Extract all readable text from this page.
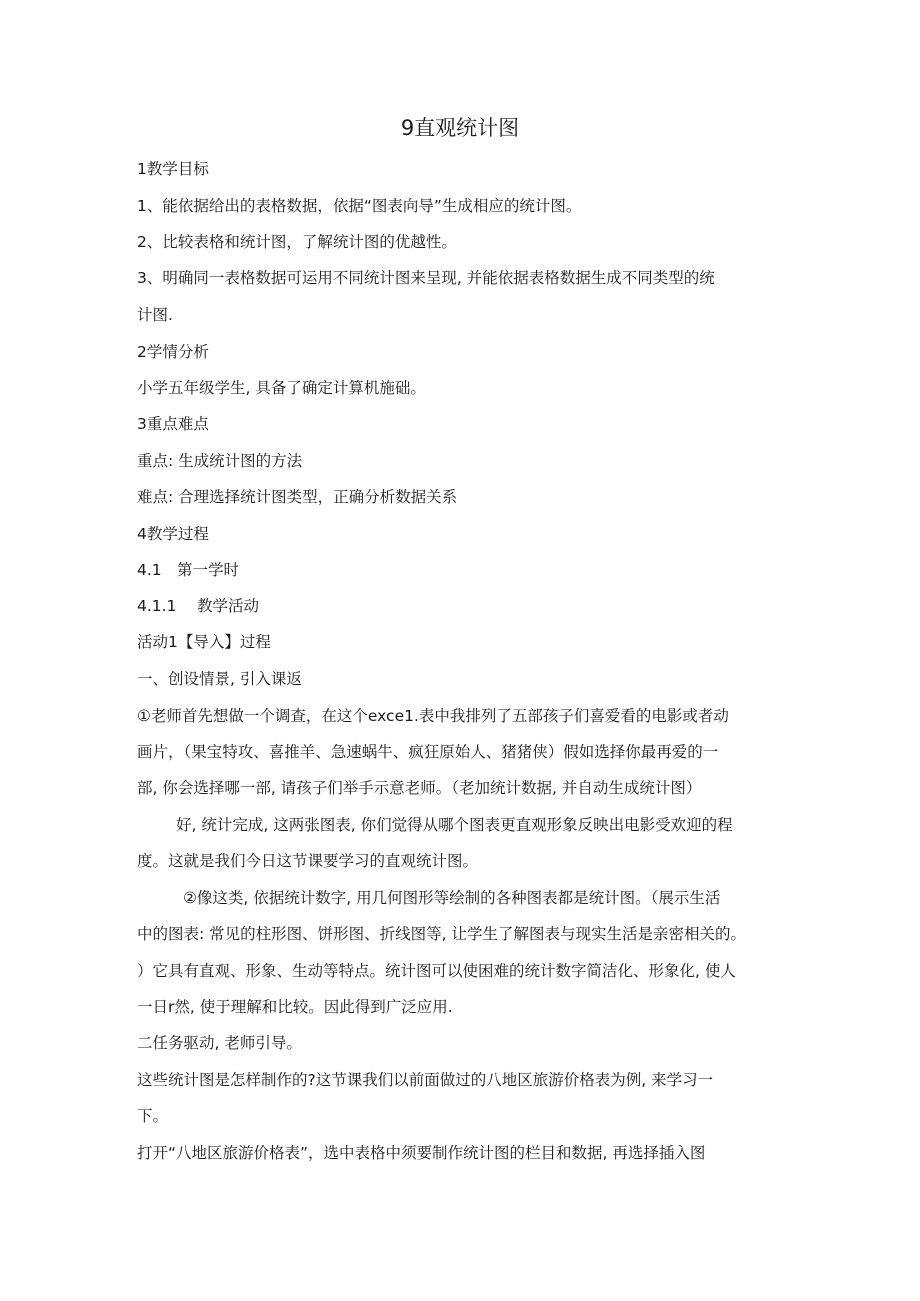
9直观统计图
1教学目标
1、能依据给出的表格数据，依据“图表向导”生成相应的统计图。
2、比较表格和统计图，了解统计图的优越性。
3、明确同一表格数据可运用不同统计图来呈现, 并能依据表格数据生成不同类型的统
计图.
2学情分析
小学五年级学生, 具备了确定计算机施础。
3重点难点
重点: 生成统计图的方法
难点: 合理选择统计图类型，正确分析数据关系
4教学过程
4.1 第一学时
4.1.1 教学活动
活动1【导入】过程
一、创设情景, 引入课返
①老师首先想做一个调查，在这个exce1.表中我排列了五部孩子们喜爱看的电影或者动
画片，（果宝特攻、喜推羊、急速蜗牛、疯狂原始人、猪猪侠）假如选择你最再爱的一
部, 你会选择哪一部, 请孩子们举手示意老师。（老加统计数据, 并自动生成统计图）
好, 统计完成, 这两张图表, 你们觉得从哪个图表更直观形象反映出电影受欢迎的程
度。这就是我们今日这节课要学习的直观统计图。
②像这类, 依据统计数字, 用几何图形等绘制的各种图表都是统计图。（展示生活
中的图表: 常见的柱形图、饼形图、折线图等, 让学生了解图表与现实生活是亲密相关的。
）它具有直观、形象、生动等特点。统计图可以使困难的统计数字简洁化、形象化, 使人
一日r然, 使于理解和比较。因此得到广泛应用.
二任务驱动, 老师引导。
这些统计图是怎样制作的?这节课我们以前面做过的八地区旅游价格表为例, 来学习一
下。
打开“八地区旅游价格表”，选中表格中须要制作统计图的栏目和数据, 再选择插入图
